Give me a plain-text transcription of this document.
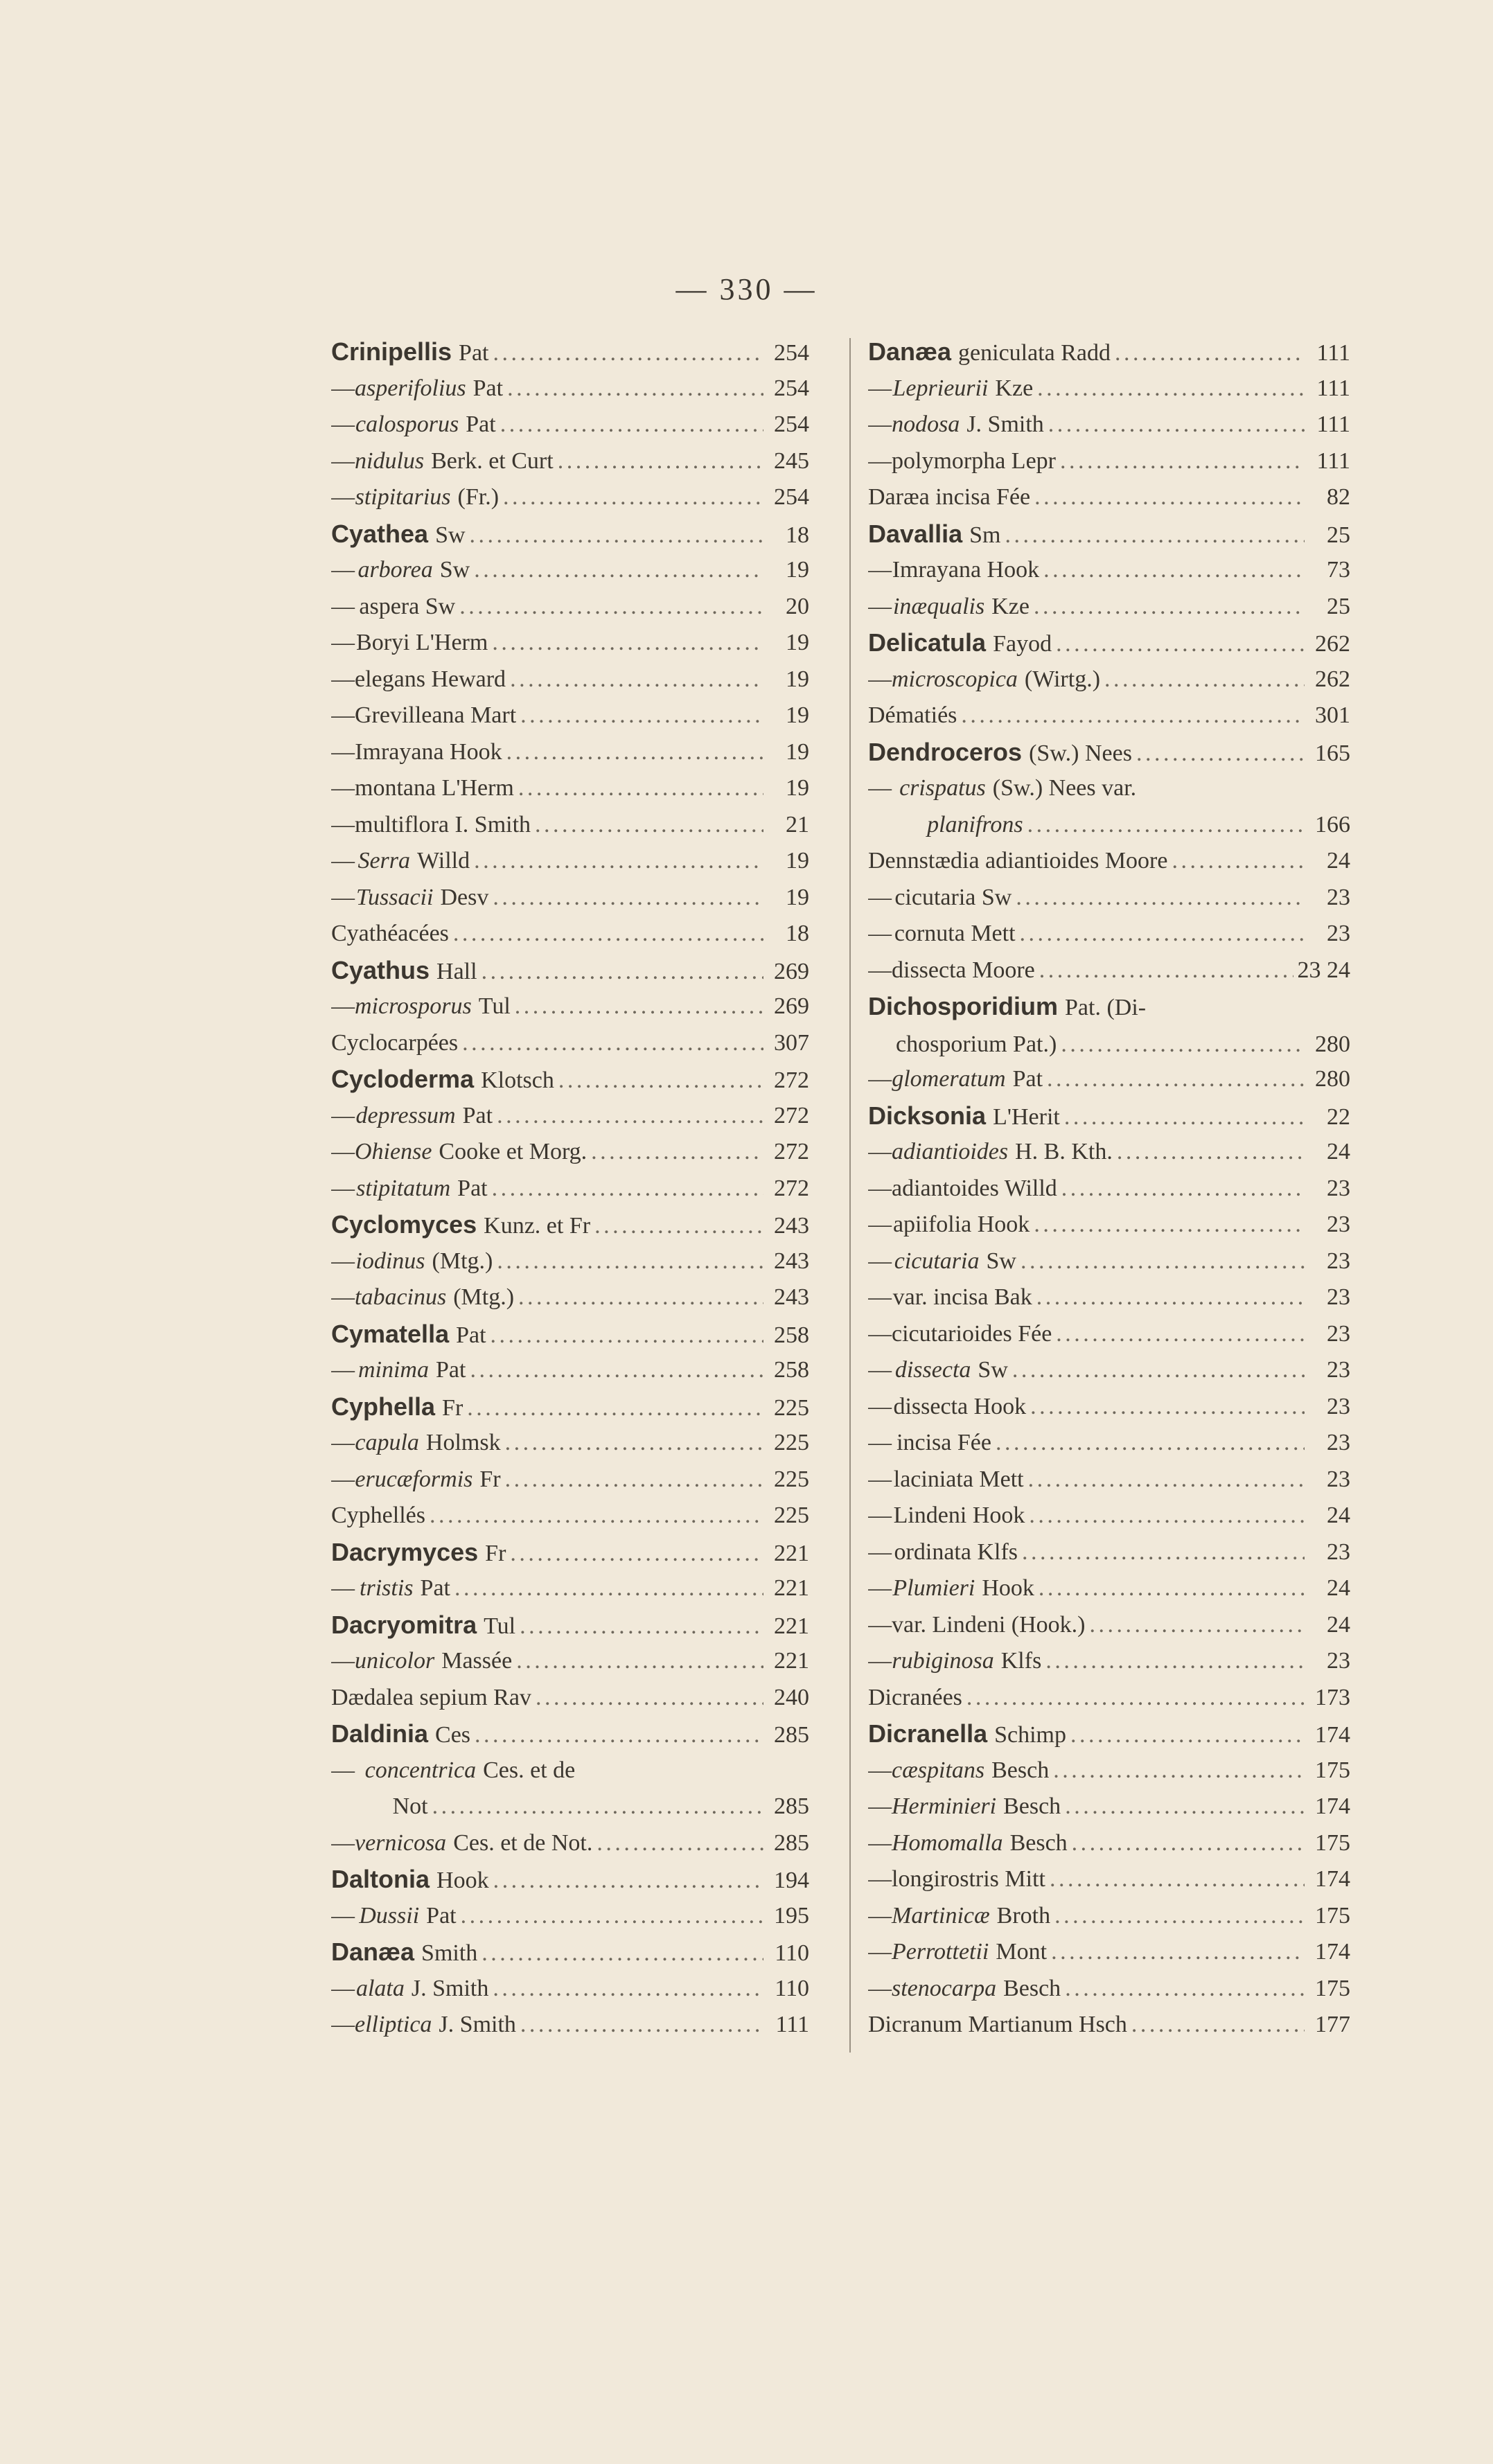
— 330 —
Crinipellis Pat . . .	254
— asperifolius Pat . . .	254
— calosporus Pat . . .	254
— nidulus Berk. et Curt . . .	245
— stipitarius (Fr.) . . .	254
Cyathea Sw . . .	18
— arborea Sw . . .	19
— aspera Sw . . .	20
— Boryi L'Herm . . .	19
— elegans Heward . . .	19
— Grevilleana Mart . . .	19
— Imrayana Hook . . .	19
— montana L'Herm . . .	19
— multiflora I. Smith . . .	21
— Serra Willd . . .	19
— Tussacii Desv . . .	19
Cyathéacées . . .	18
Cyathus Hall . . .	269
— microsporus Tul . . .	269
Cyclocarpées . . .	307
Cycloderma Klotsch . . .	272
— depressum Pat . . .	272
— Ohiense Cooke et Morg. . . .	272
— stipitatum Pat . . .	272
Cyclomyces Kunz. et Fr . . .	243
— iodinus (Mtg.) . . .	243
— tabacinus (Mtg.) . . .	243
Cymatella Pat . . .	258
— minima Pat . . .	258
Cyphella Fr . . .	225
— capula Holmsk . . .	225
— erucæformis Fr . . .	225
Cyphellés . . .	225
Dacrymyces Fr . . .	221
— tristis Pat . . .	221
Dacryomitra Tul . . .	221
— unicolor Massée . . .	221
Dædalea sepium Rav . . .	240
Daldinia Ces . . .	285
— concentrica Ces. et de
Not . . .	285
— vernicosa Ces. et de Not. . . .	285
Daltonia Hook . . .	194
— Dussii Pat . . .	195
Danæa Smith . . .	110
— alata J. Smith . . .	110
— elliptica J. Smith . . .	111
Danæa geniculata Radd . . .	111
— Leprieurii Kze . . .	111
— nodosa J. Smith . . .	111
— polymorpha Lepr . . .	111
Daræa incisa Fée . . .	82
Davallia Sm . . .	25
— Imrayana Hook . . .	73
— inæqualis Kze . . .	25
Delicatula Fayod . . .	262
— microscopica (Wirtg.) . . .	262
Dématiés . . .	301
Dendroceros (Sw.) Nees . . .	165
— crispatus (Sw.) Nees var.
planifrons . . .	166
Dennstædia adiantioides Moore . . .	24
— cicutaria Sw . . .	23
— cornuta Mett . . .	23
— dissecta Moore . . .	23 24
Dichosporidium Pat. (Di-
chosporium Pat.) . . .	280
— glomeratum Pat . . .	280
Dicksonia L'Herit . . .	22
— adiantioides H. B. Kth. . . .	24
— adiantoides Willd . . .	23
— apiifolia Hook . . .	23
— cicutaria Sw . . .	23
— var. incisa Bak . . .	23
— cicutarioides Fée . . .	23
— dissecta Sw . . .	23
— dissecta Hook . . .	23
— incisa Fée . . .	23
— laciniata Mett . . .	23
— Lindeni Hook . . .	24
— ordinata Klfs . . .	23
— Plumieri Hook . . .	24
— var. Lindeni (Hook.) . . .	24
— rubiginosa Klfs . . .	23
Dicranées . . .	173
Dicranella Schimp . . .	174
— cæspitans Besch . . .	175
— Herminieri Besch . . .	174
— Homomalla Besch . . .	175
— longirostris Mitt . . .	174
— Martinicæ Broth . . .	175
— Perrottetii Mont . . .	174
— stenocarpa Besch . . .	175
Dicranum Martianum Hsch . . .	177
